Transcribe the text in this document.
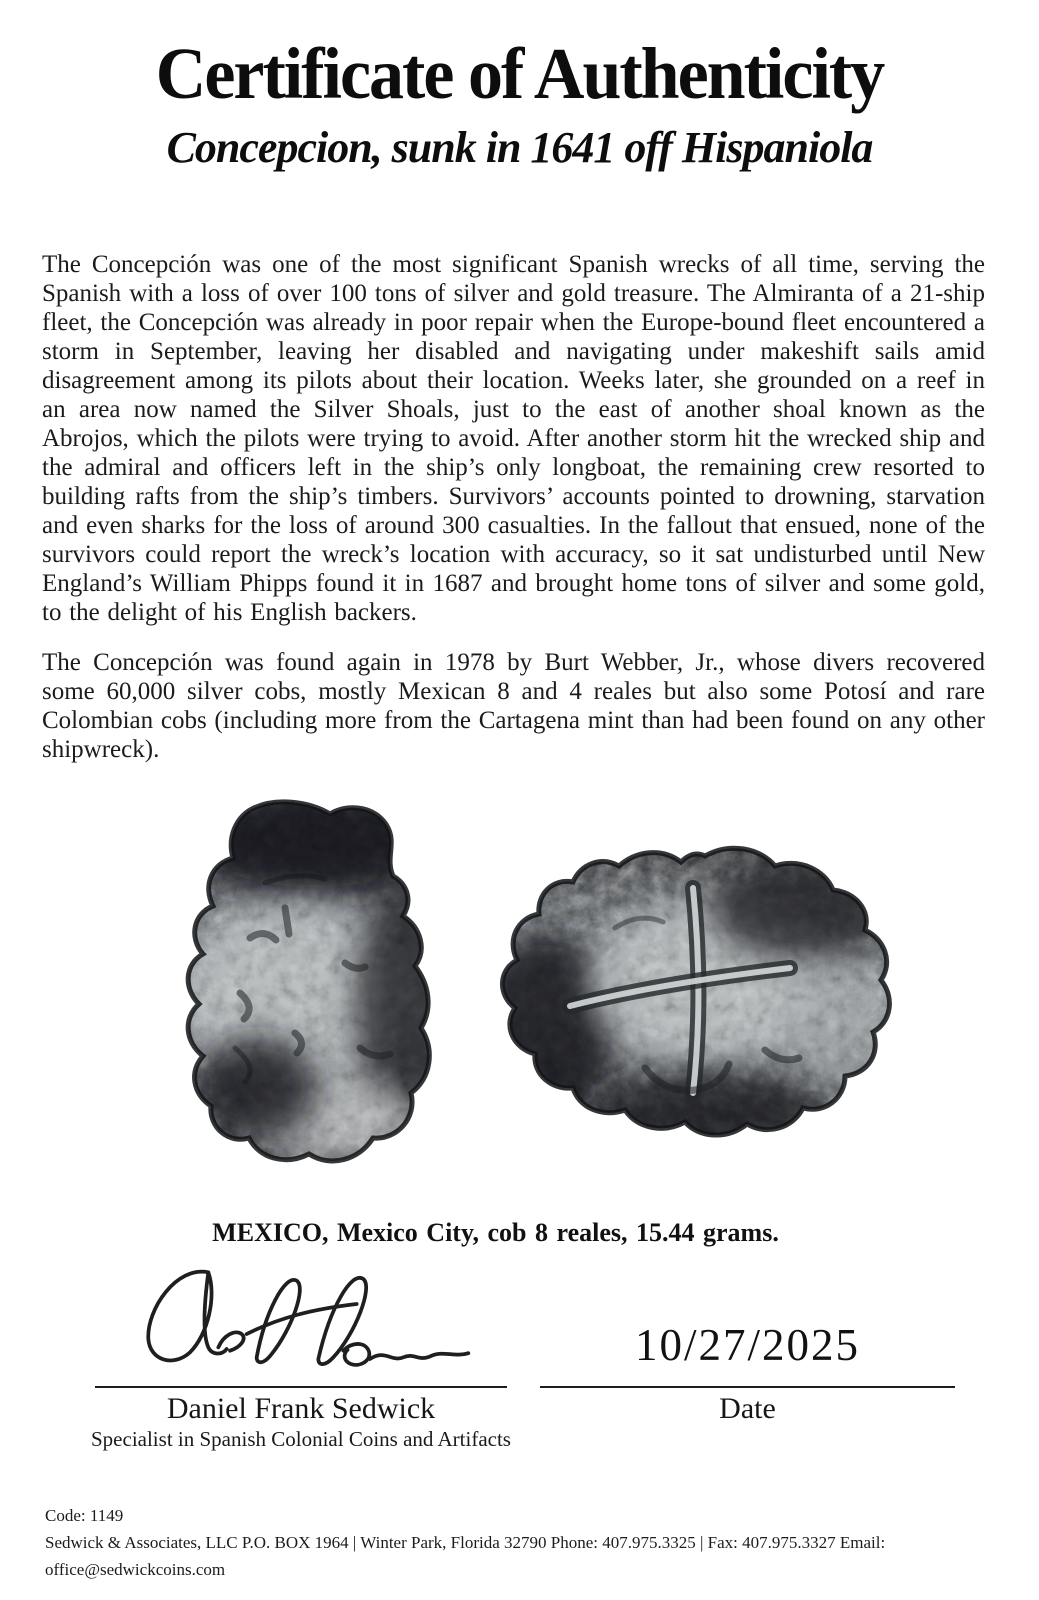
Certificate of Authenticity
Concepcion, sunk in 1641 off Hispaniola

The Concepción was one of the most significant Spanish wrecks of all time, serving the Spanish with a loss of over 100 tons of silver and gold treasure. The Almiranta of a 21-ship fleet, the Concepción was already in poor repair when the Europe-bound fleet encountered a storm in September, leaving her disabled and navigating under makeshift sails amid disagreement among its pilots about their location. Weeks later, she grounded on a reef in an area now named the Silver Shoals, just to the east of another shoal known as the Abrojos, which the pilots were trying to avoid. After another storm hit the wrecked ship and the admiral and officers left in the ship’s only longboat, the remaining crew resorted to building rafts from the ship’s timbers. Survivors’ accounts pointed to drowning, starvation and even sharks for the loss of around 300 casualties. In the fallout that ensued, none of the survivors could report the wreck’s location with accuracy, so it sat undisturbed until New England’s William Phipps found it in 1687 and brought home tons of silver and some gold, to the delight of his English backers.

The Concepción was found again in 1978 by Burt Webber, Jr., whose divers recovered some 60,000 silver cobs, mostly Mexican 8 and 4 reales but also some Potosí and rare Colombian cobs (including more from the Cartagena mint than had been found on any other shipwreck).

MEXICO, Mexico City, cob 8 reales, 15.44 grams.
Daniel Frank Sedwick
Specialist in Spanish Colonial Coins and Artifacts
10/27/2025
Date
Code: 1149
Sedwick & Associates, LLC P.O. BOX 1964 | Winter Park, Florida 32790 Phone: 407.975.3325 | Fax: 407.975.3327 Email: office@sedwickcoins.com
